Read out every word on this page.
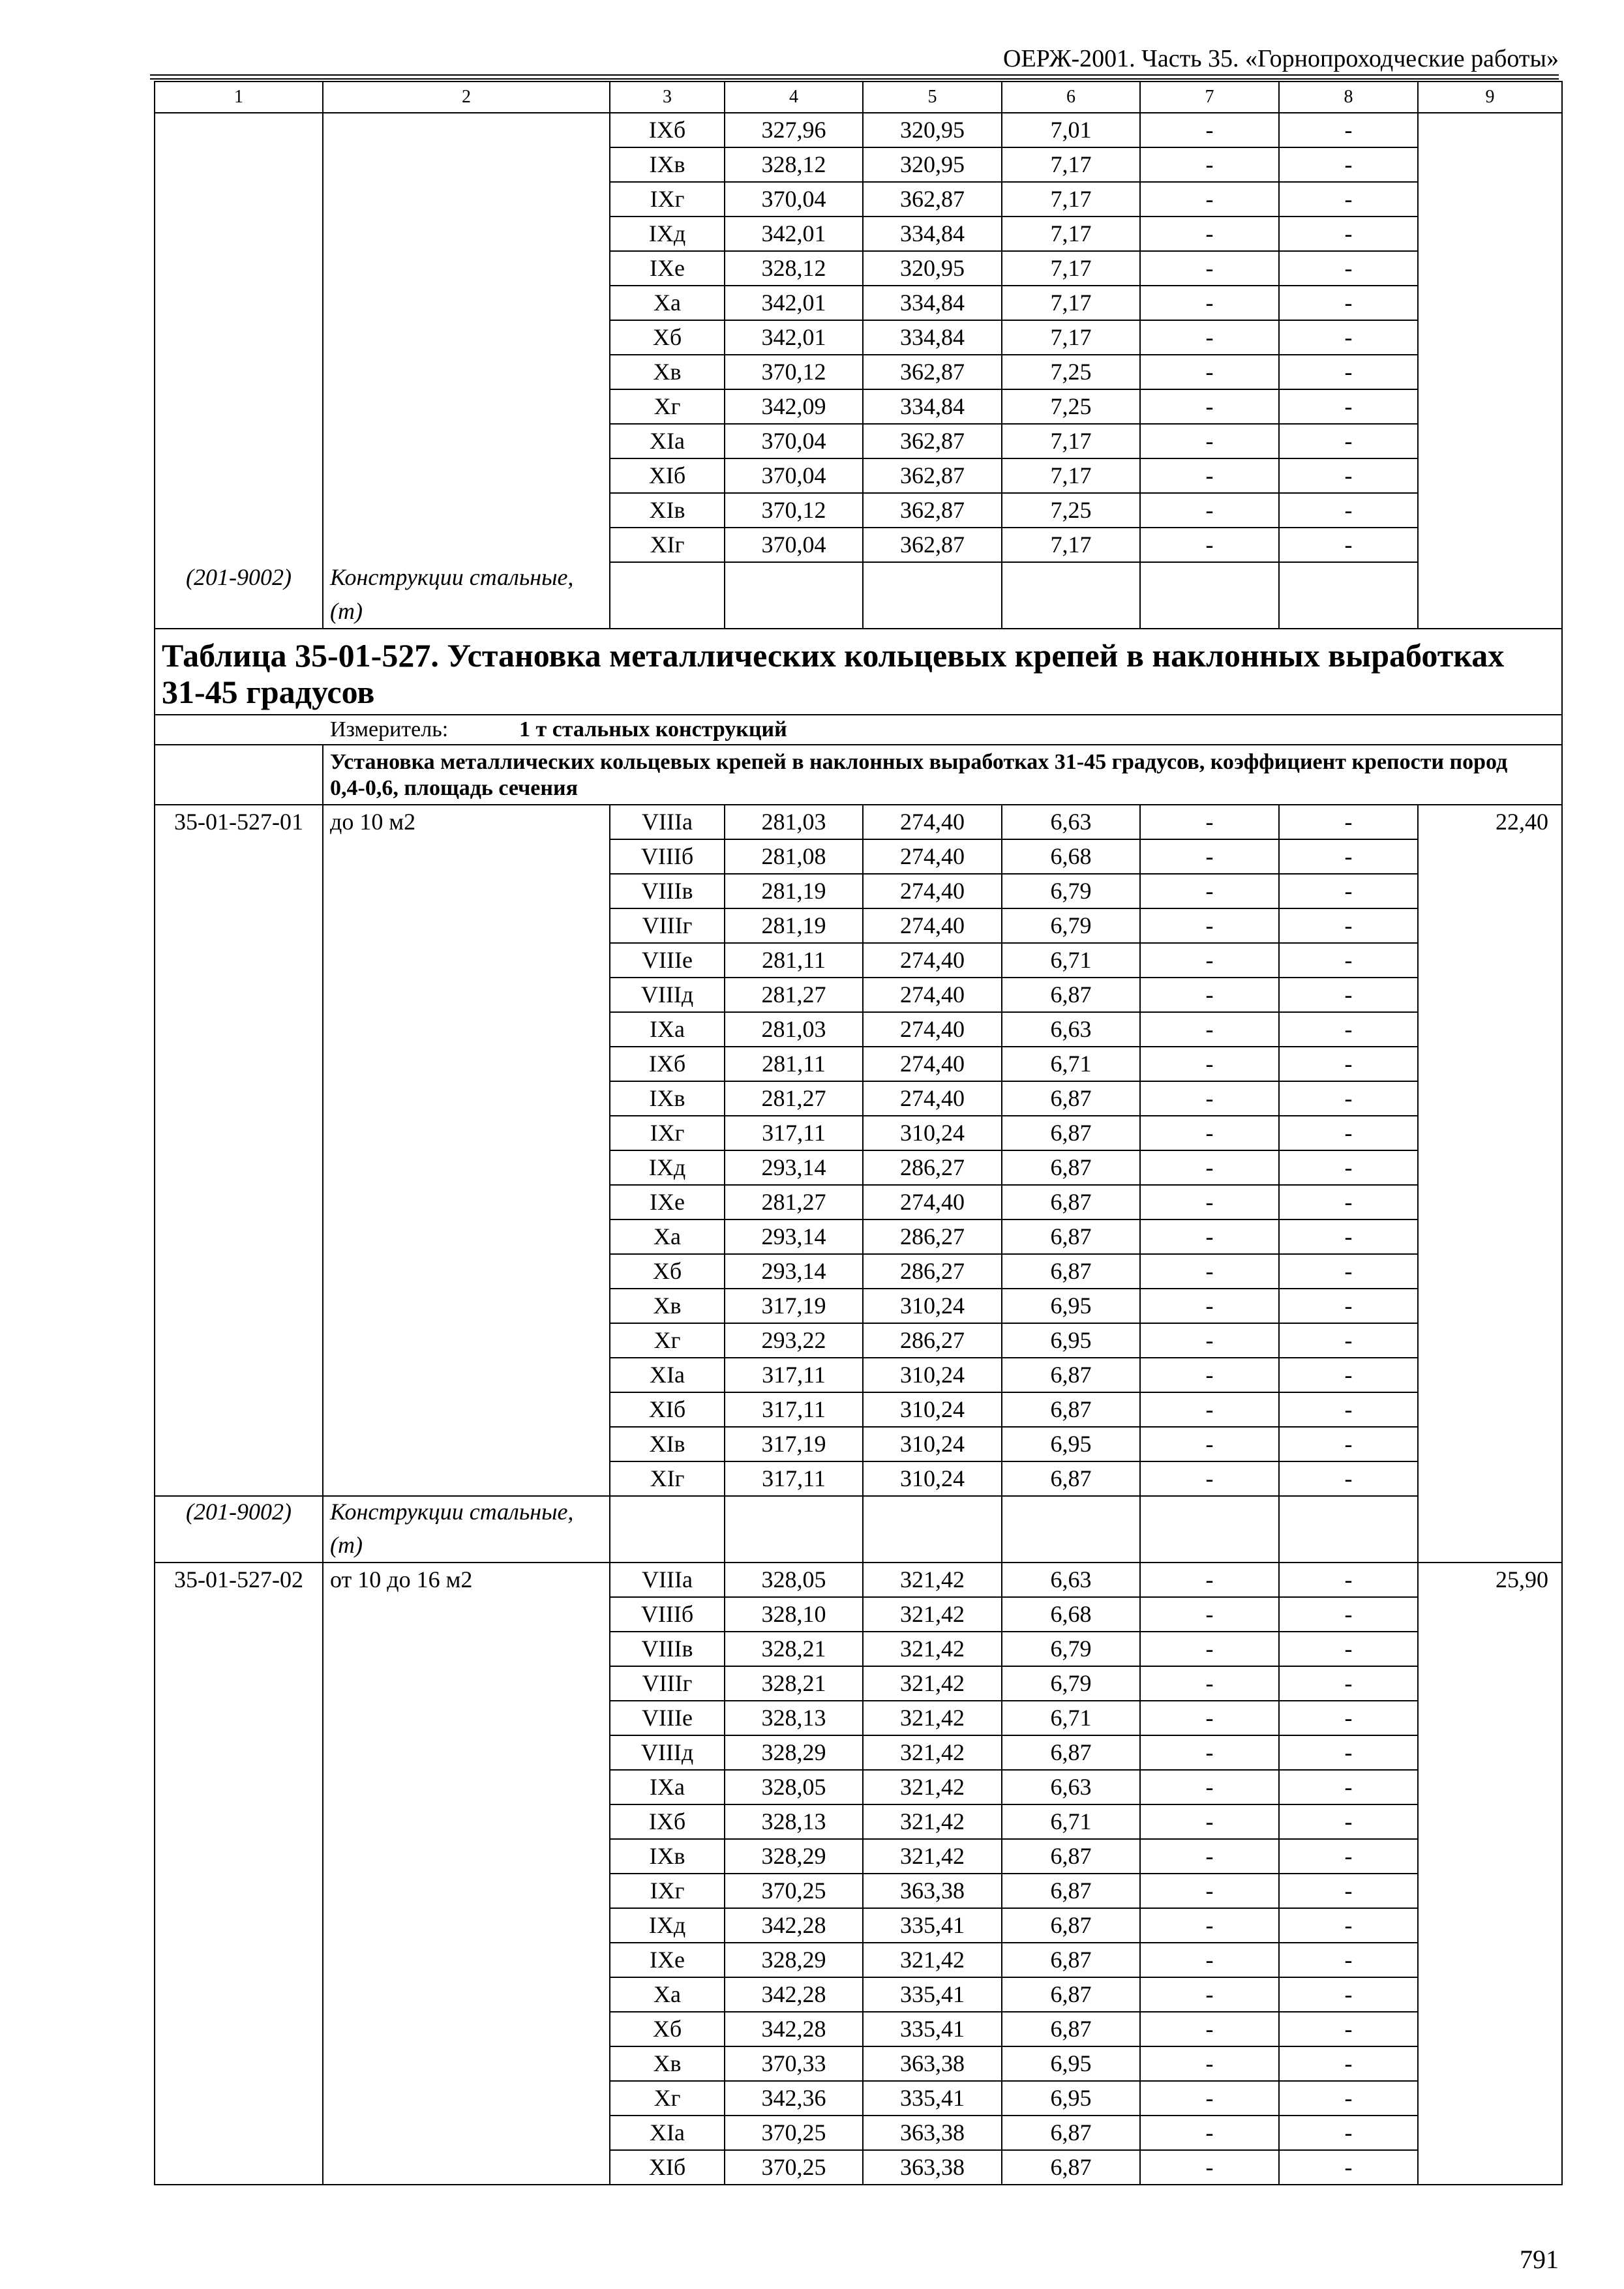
ОЕРЖ-2001. Часть 35. «Горнопроходческие работы»
1	2	3	4	5	6	7	8	9
		IXб	327,96	320,95	7,01	-	-	
		IXв	328,12	320,95	7,17	-	-	
		IXг	370,04	362,87	7,17	-	-	
		IXд	342,01	334,84	7,17	-	-	
		IXе	328,12	320,95	7,17	-	-	
		Xа	342,01	334,84	7,17	-	-	
		Xб	342,01	334,84	7,17	-	-	
		Xв	370,12	362,87	7,25	-	-	
		Xг	342,09	334,84	7,25	-	-	
		XIа	370,04	362,87	7,17	-	-	
		XIб	370,04	362,87	7,17	-	-	
		XIв	370,12	362,87	7,25	-	-	
		XIг	370,04	362,87	7,17	-	-	
(201-9002)	Конструкции стальные,							
	(т)							
Таблица 35-01-527. Установка металлических кольцевых крепей в наклонных выработках 31-45 градусов								
Измеритель: 1 т стальных конструкций								
	Установка металлических кольцевых крепей в наклонных выработках 31-45 градусов, коэффициент крепости пород 0,4-0,6, площадь сечения							
35-01-527-01	до 10 м2	VIIIа	281,03	274,40	6,63	-	-	22,40
		VIIIб	281,08	274,40	6,68	-	-	
		VIIIв	281,19	274,40	6,79	-	-	
		VIIIг	281,19	274,40	6,79	-	-	
		VIIIе	281,11	274,40	6,71	-	-	
		VIIIд	281,27	274,40	6,87	-	-	
		IXа	281,03	274,40	6,63	-	-	
		IXб	281,11	274,40	6,71	-	-	
		IXв	281,27	274,40	6,87	-	-	
		IXг	317,11	310,24	6,87	-	-	
		IXд	293,14	286,27	6,87	-	-	
		IXе	281,27	274,40	6,87	-	-	
		Xа	293,14	286,27	6,87	-	-	
		Xб	293,14	286,27	6,87	-	-	
		Xв	317,19	310,24	6,95	-	-	
		Xг	293,22	286,27	6,95	-	-	
		XIа	317,11	310,24	6,87	-	-	
		XIб	317,11	310,24	6,87	-	-	
		XIв	317,19	310,24	6,95	-	-	
		XIг	317,11	310,24	6,87	-	-	
(201-9002)	Конструкции стальные,							
	(т)							
35-01-527-02	от 10 до 16 м2	VIIIа	328,05	321,42	6,63	-	-	25,90
		VIIIб	328,10	321,42	6,68	-	-	
		VIIIв	328,21	321,42	6,79	-	-	
		VIIIг	328,21	321,42	6,79	-	-	
		VIIIе	328,13	321,42	6,71	-	-	
		VIIIд	328,29	321,42	6,87	-	-	
		IXа	328,05	321,42	6,63	-	-	
		IXб	328,13	321,42	6,71	-	-	
		IXв	328,29	321,42	6,87	-	-	
		IXг	370,25	363,38	6,87	-	-	
		IXд	342,28	335,41	6,87	-	-	
		IXе	328,29	321,42	6,87	-	-	
		Xа	342,28	335,41	6,87	-	-	
		Xб	342,28	335,41	6,87	-	-	
		Xв	370,33	363,38	6,95	-	-	
		Xг	342,36	335,41	6,95	-	-	
		XIа	370,25	363,38	6,87	-	-	
		XIб	370,25	363,38	6,87	-	-	
791
